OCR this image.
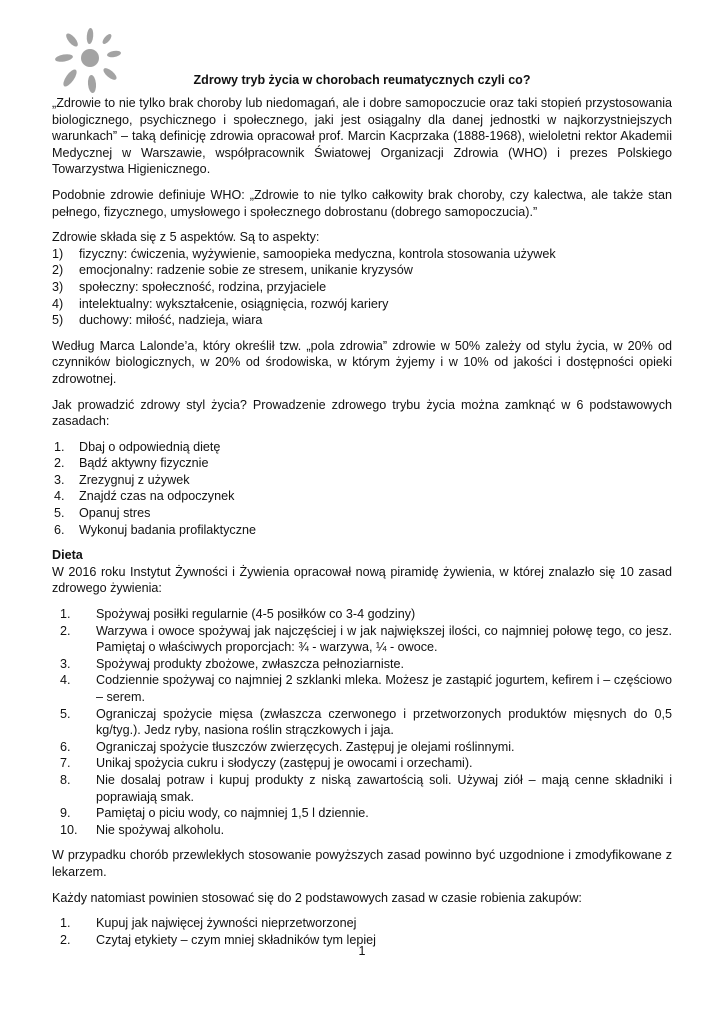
Zdrowy tryb życia w chorobach reumatycznych czyli co?

„Zdrowie to nie tylko brak choroby lub niedomagań, ale i dobre samopoczucie oraz taki stopień przystosowania biologicznego, psychicznego i społecznego, jaki jest osiągalny dla danej jednostki w najkorzystniejszych warunkach” – taką definicję zdrowia opracował prof. Marcin Kacprzaka (1888-1968), wieloletni rektor Akademii Medycznej w Warszawie, współpracownik Światowej Organizacji Zdrowia (WHO) i prezes Polskiego Towarzystwa Higienicznego.

Podobnie zdrowie definiuje WHO: „Zdrowie to nie tylko całkowity brak choroby, czy kalectwa, ale także stan pełnego, fizycznego, umysłowego i społecznego dobrostanu (dobrego samopoczucia).”

Zdrowie składa się z 5 aspektów. Są to aspekty:

1)	fizyczny: ćwiczenia, wyżywienie, samoopieka medyczna, kontrola stosowania używek
2)	emocjonalny: radzenie sobie ze stresem, unikanie kryzysów
3)	społeczny: społeczność, rodzina, przyjaciele
4)	intelektualny: wykształcenie, osiągnięcia, rozwój kariery
5)	duchowy: miłość, nadzieja, wiara

Według Marca Lalonde’a, który określił tzw. „pola zdrowia” zdrowie w 50% zależy od stylu życia, w 20% od czynników biologicznych, w 20% od środowiska, w którym żyjemy i w 10% od jakości i dostępności opieki zdrowotnej.

Jak prowadzić zdrowy styl życia? Prowadzenie zdrowego trybu życia można zamknąć w 6 podstawowych zasadach:

1.	Dbaj o odpowiednią dietę
2.	Bądź aktywny fizycznie
3.	Zrezygnuj z używek
4.	Znajdź czas na odpoczynek
5.	Opanuj stres
6.	Wykonuj badania profilaktyczne

Dieta

W 2016 roku Instytut Żywności i Żywienia opracował nową piramidę żywienia, w której znalazło się 10 zasad zdrowego żywienia:

1.	Spożywaj posiłki regularnie (4-5 posiłków co 3-4 godziny)
2.	Warzywa i owoce spożywaj jak najczęściej i w jak największej ilości, co najmniej połowę tego, co jesz. Pamiętaj o właściwych proporcjach: ¾ - warzywa, ¼ - owoce.
3.	Spożywaj produkty zbożowe, zwłaszcza pełnoziarniste.
4.	Codziennie spożywaj co najmniej 2 szklanki mleka. Możesz je zastąpić jogurtem, kefirem i – częściowo – serem.
5.	Ograniczaj spożycie mięsa (zwłaszcza czerwonego i przetworzonych produktów mięsnych do 0,5 kg/tyg.). Jedz ryby, nasiona roślin strączkowych i jaja.
6.	Ograniczaj spożycie tłuszczów zwierzęcych. Zastępuj je olejami roślinnymi.
7.	Unikaj spożycia cukru i słodyczy (zastępuj je owocami i orzechami).
8.	Nie dosalaj potraw i kupuj produkty z niską zawartością soli. Używaj ziół – mają cenne składniki i poprawiają smak.
9.	Pamiętaj o piciu wody, co najmniej 1,5 l dziennie.
10.	Nie spożywaj alkoholu.

W przypadku chorób przewlekłych stosowanie powyższych zasad powinno być uzgodnione i zmodyfikowane z lekarzem.

Każdy natomiast powinien stosować się do 2 podstawowych zasad w czasie robienia zakupów:

1.	Kupuj jak najwięcej żywności nieprzetworzonej
2.	Czytaj etykiety – czym mniej składników tym lepiej
1
